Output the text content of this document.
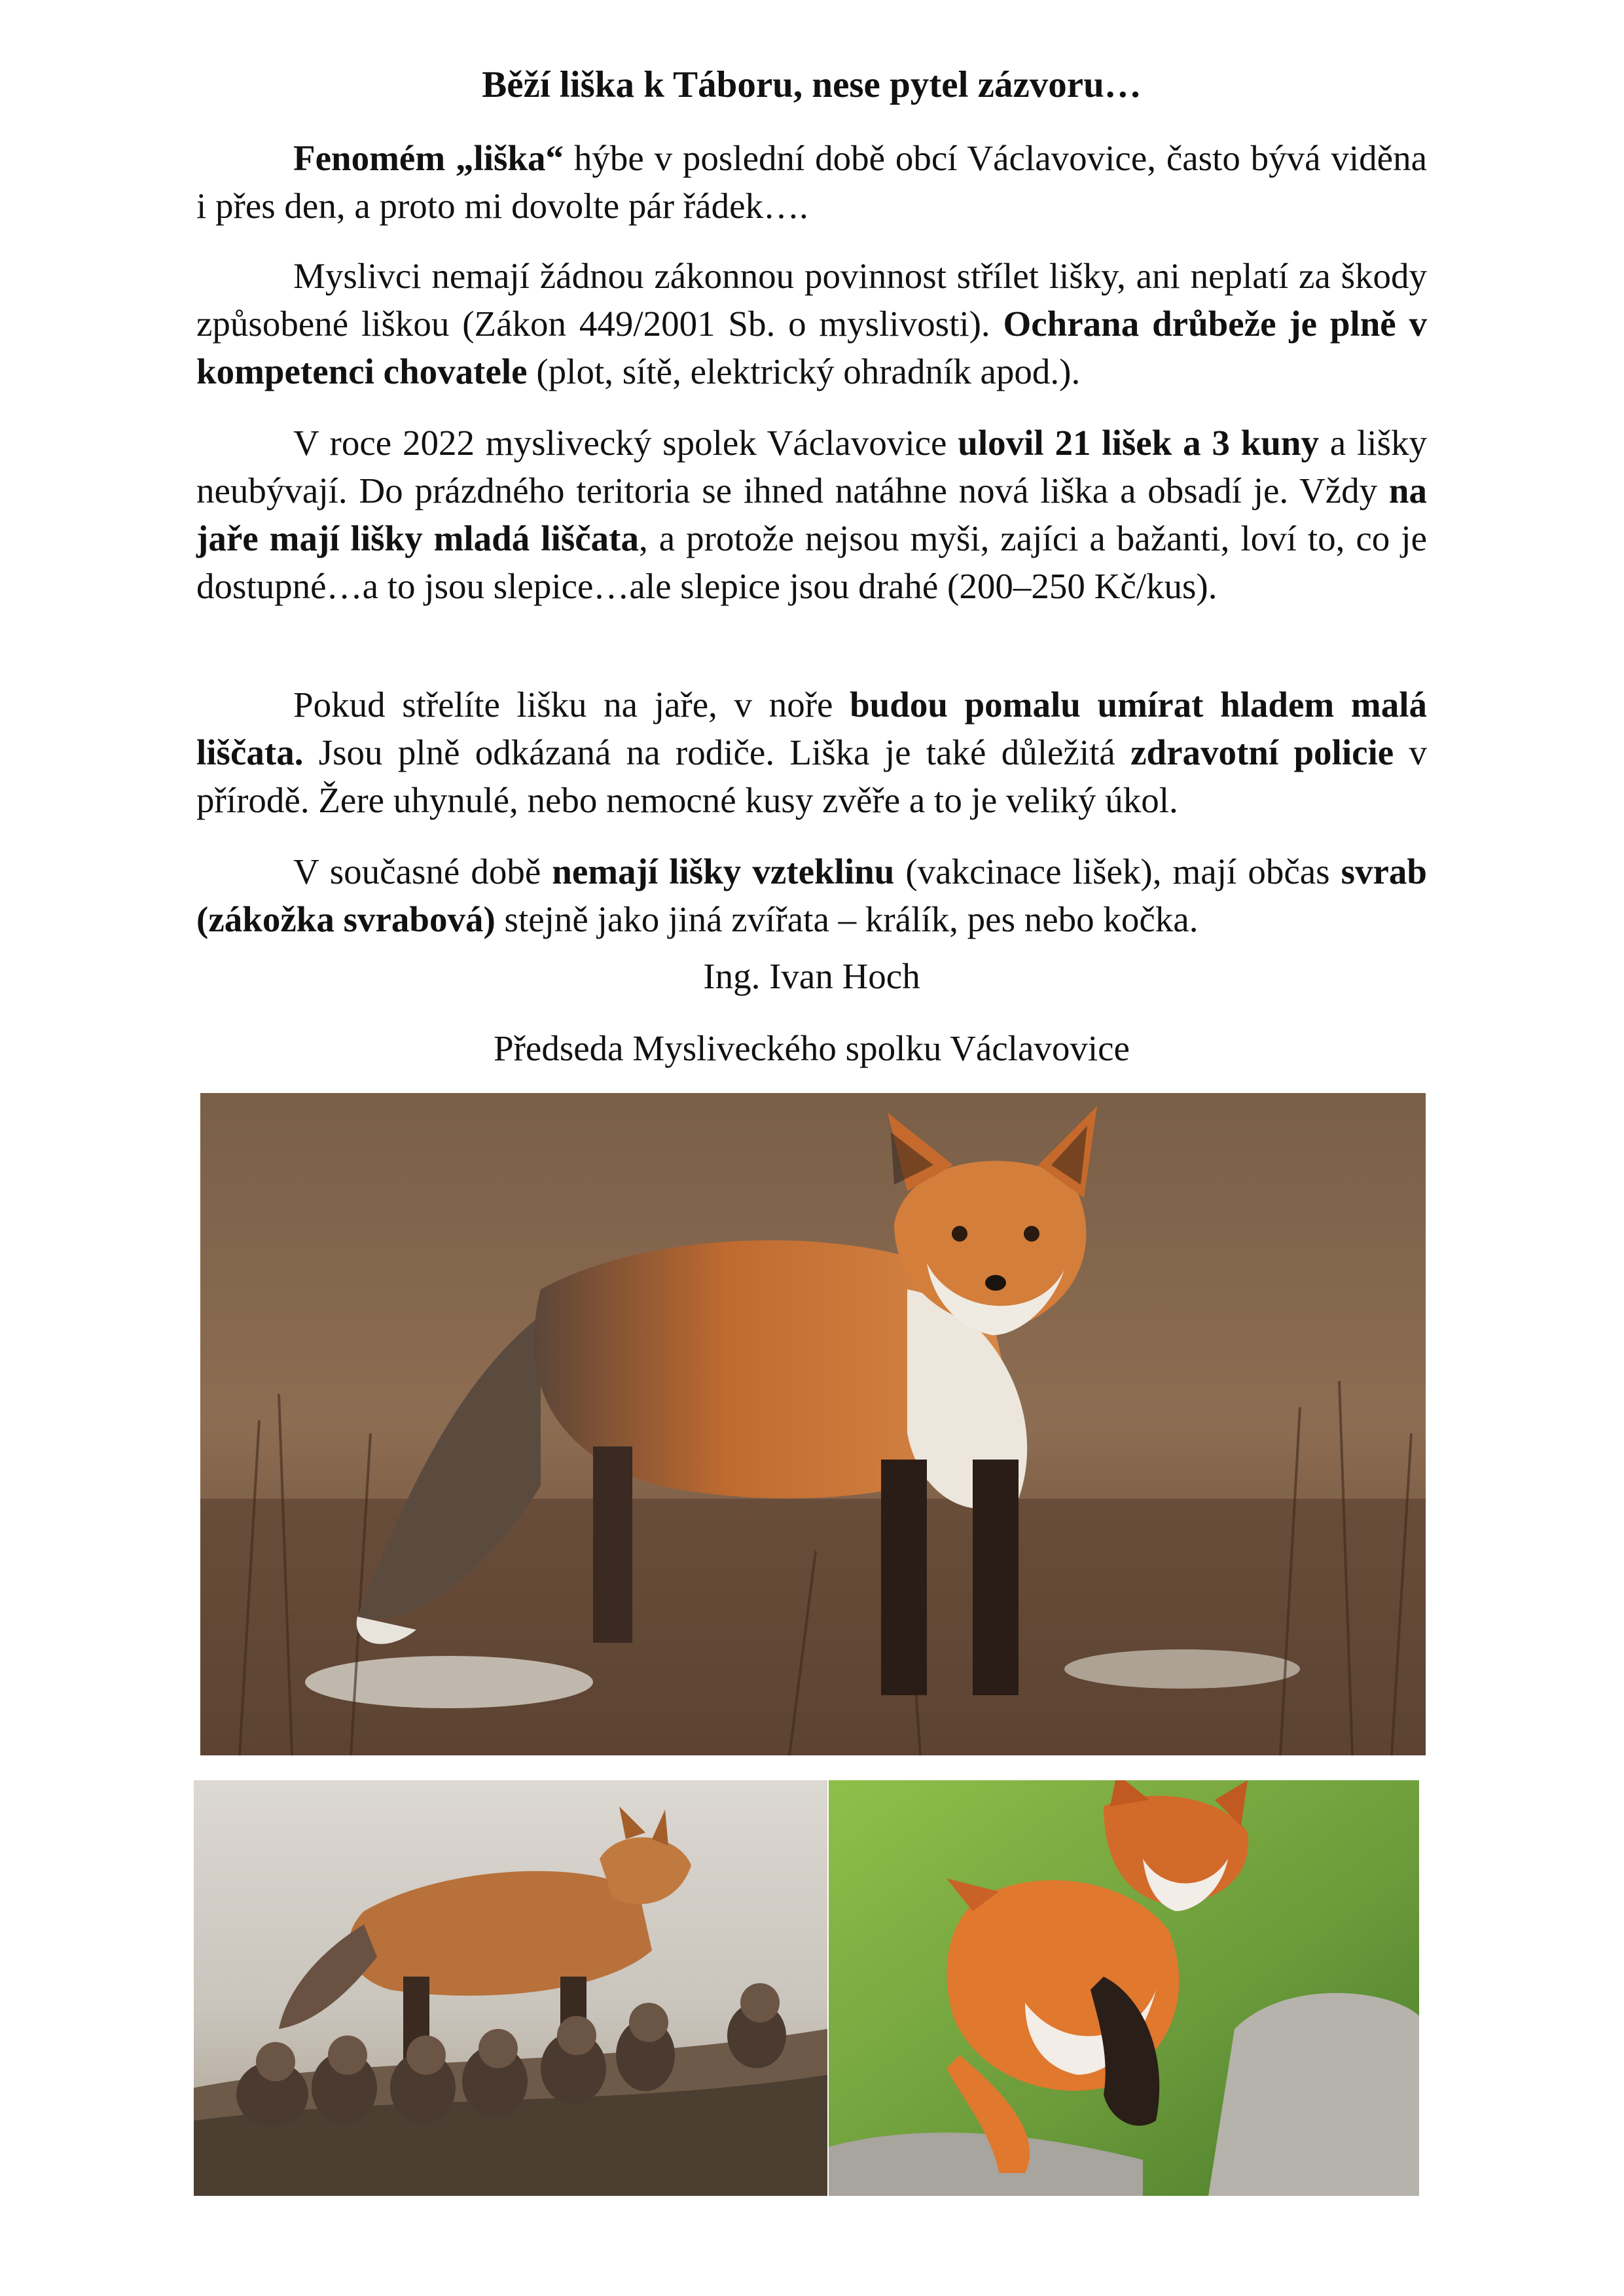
Běží liška k Táboru, nese pytel zázvoru…

Fenomém „liška“ hýbe v poslední době obcí Václavovice, často bývá viděna i přes den, a proto mi dovolte pár řádek….

Myslivci nemají žádnou zákonnou povinnost střílet lišky, ani neplatí za škody způsobené liškou (Zákon 449/2001 Sb. o myslivosti). Ochrana drůbeže je plně v kompetenci chovatele (plot, sítě, elektrický ohradník apod.).

V roce 2022 myslivecký spolek Václavovice ulovil 21 lišek a 3 kuny a lišky neubývají. Do prázdného teritoria se ihned natáhne nová liška a obsadí je. Vždy na jaře mají lišky mladá liščata, a protože nejsou myši, zajíci a bažanti, loví to, co je dostupné…a to jsou slepice…ale slepice jsou drahé (200–250 Kč/kus).

Pokud střelíte lišku na jaře, v noře budou pomalu umírat hladem malá liščata. Jsou plně odkázaná na rodiče. Liška je také důležitá zdravotní policie v přírodě. Žere uhynulé, nebo nemocné kusy zvěře a to je veliký úkol.

V současné době nemají lišky vzteklinu (vakcinace lišek), mají občas svrab (zákožka svrabová) stejně jako jiná zvířata – králík, pes nebo kočka.

Ing. Ivan Hoch

Předseda Mysliveckého spolku Václavovice
